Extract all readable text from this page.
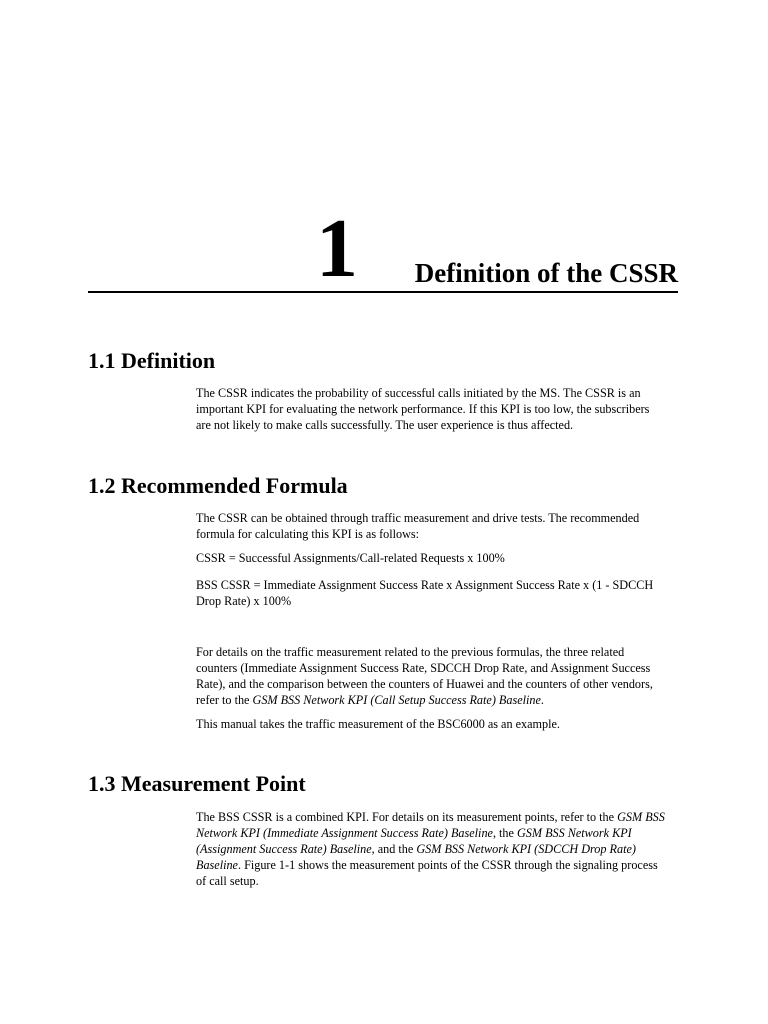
1 Definition of the CSSR
1.1 Definition

The CSSR indicates the probability of successful calls initiated by the MS. The CSSR is an important KPI for evaluating the network performance. If this KPI is too low, the subscribers are not likely to make calls successfully. The user experience is thus affected.

1.2 Recommended Formula

The CSSR can be obtained through traffic measurement and drive tests. The recommended formula for calculating this KPI is as follows:

CSSR = Successful Assignments/Call-related Requests x 100%

BSS CSSR = Immediate Assignment Success Rate x Assignment Success Rate x (1 - SDCCH Drop Rate) x 100%

For details on the traffic measurement related to the previous formulas, the three related counters (Immediate Assignment Success Rate, SDCCH Drop Rate, and Assignment Success Rate), and the comparison between the counters of Huawei and the counters of other vendors, refer to the GSM BSS Network KPI (Call Setup Success Rate) Baseline.

This manual takes the traffic measurement of the BSC6000 as an example.

1.3 Measurement Point

The BSS CSSR is a combined KPI. For details on its measurement points, refer to the GSM BSS Network KPI (Immediate Assignment Success Rate) Baseline, the GSM BSS Network KPI (Assignment Success Rate) Baseline, and the GSM BSS Network KPI (SDCCH Drop Rate) Baseline. Figure 1-1 shows the measurement points of the CSSR through the signaling process of call setup.
